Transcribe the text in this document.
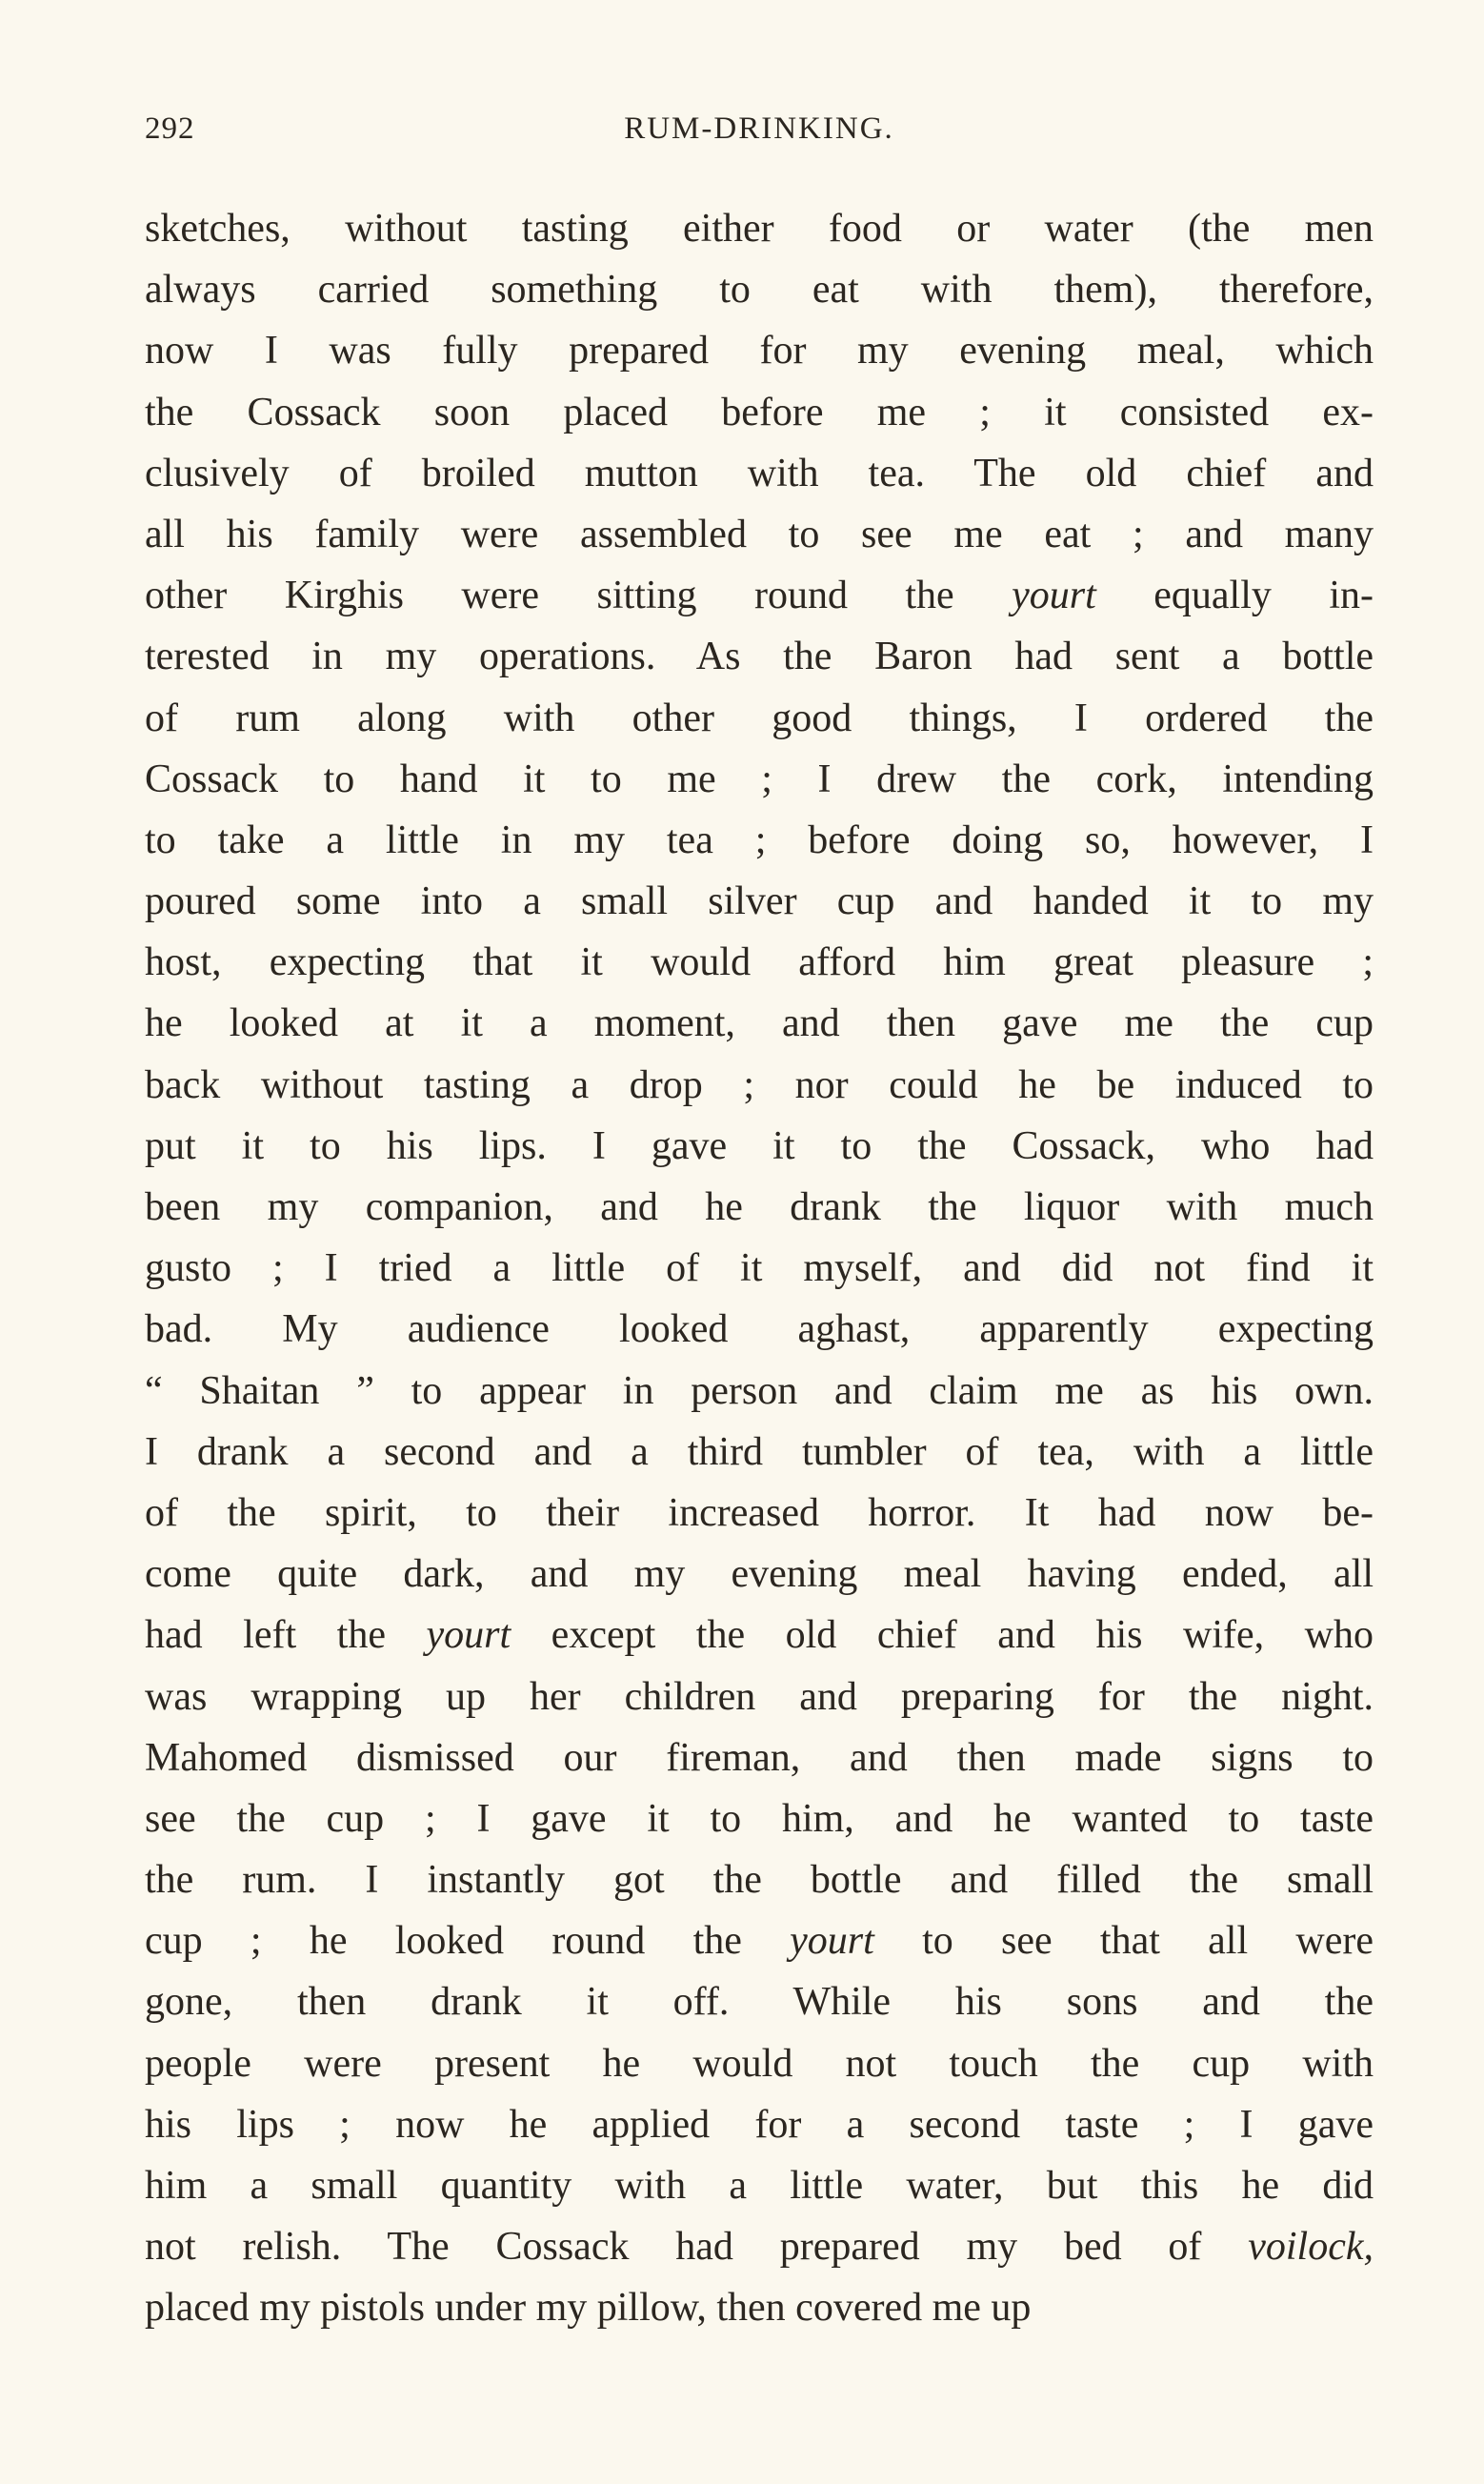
292	RUM-DRINKING.
sketches, without tasting either food or water (the men
always carried something to eat with them), therefore,
now I was fully prepared for my evening meal, which
the Cossack soon placed before me ; it consisted ex-
clusively of broiled mutton with tea. The old chief and
all his family were assembled to see me eat ; and many
other Kirghis were sitting round the yourt equally in-
terested in my operations. As the Baron had sent a bottle
of rum along with other good things, I ordered the
Cossack to hand it to me ; I drew the cork, intending
to take a little in my tea ; before doing so, however, I
poured some into a small silver cup and handed it to my
host, expecting that it would afford him great pleasure ;
he looked at it a moment, and then gave me the cup
back without tasting a drop ; nor could he be induced to
put it to his lips. I gave it to the Cossack, who had
been my companion, and he drank the liquor with much
gusto ; I tried a little of it myself, and did not find it
bad. My audience looked aghast, apparently expecting
“ Shaitan ” to appear in person and claim me as his own.
I drank a second and a third tumbler of tea, with a little
of the spirit, to their increased horror. It had now be-
come quite dark, and my evening meal having ended, all
had left the yourt except the old chief and his wife, who
was wrapping up her children and preparing for the night.
Mahomed dismissed our fireman, and then made signs to
see the cup ; I gave it to him, and he wanted to taste
the rum. I instantly got the bottle and filled the small
cup ; he looked round the yourt to see that all were
gone, then drank it off. While his sons and the
people were present he would not touch the cup with
his lips ; now he applied for a second taste ; I gave
him a small quantity with a little water, but this he did
not relish. The Cossack had prepared my bed of voilock,
placed my pistols under my pillow, then covered me up
